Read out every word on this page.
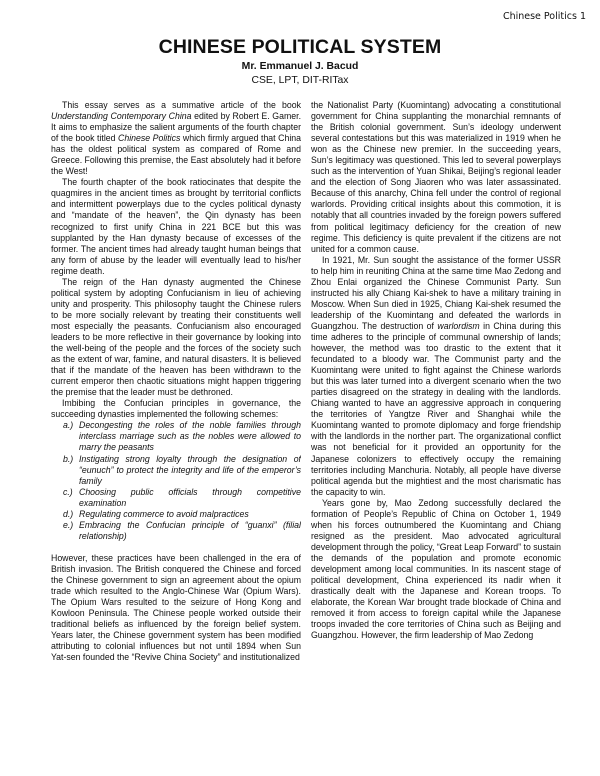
Chinese Politics 1
CHINESE POLITICAL SYSTEM
Mr. Emmanuel J. Bacud
CSE, LPT, DIT-RITax

This essay serves as a summative article of the book Understanding Contemporary China edited by Robert E. Gamer. It aims to emphasize the salient arguments of the fourth chapter of the book titled Chinese Politics which firmly argued that China has the oldest political system as compared of Rome and Greece. Following this premise, the East absolutely had it before the West!

The fourth chapter of the book ratiocinates that despite the quagmires in the ancient times as brought by territorial conflicts and intermittent powerplays due to the cycles political dynasty and “mandate of the heaven”, the Qin dynasty has been recognized to first unify China in 221 BCE but this was supplanted by the Han dynasty because of excesses of the former. The ancient times had already taught human beings that any form of abuse by the leader will eventually lead to his/her regime death.

The reign of the Han dynasty augmented the Chinese political system by adopting Confucianism in lieu of achieving unity and prosperity. This philosophy taught the Chinese rulers to be more socially relevant by treating their constituents well most especially the peasants. Confucianism also encouraged leaders to be more reflective in their governance by looking into the well-being of the people and the forces of the society such as the extent of war, famine, and natural disasters. It is believed that if the mandate of the heaven has been withdrawn to the current emperor then chaotic situations might happen triggering the premise that the leader must be dethroned.

Imbibing the Confucian principles in governance, the succeeding dynasties implemented the following schemes:

a.) Decongesting the roles of the noble families through interclass marriage such as the nobles were allowed to marry the peasants
b.) Instigating strong loyalty through the designation of “eunuch” to protect the integrity and life of the emperor’s family
c.) Choosing public officials through competitive examination
d.) Regulating commerce to avoid malpractices
e.) Embracing the Confucian principle of “guanxi” (filial relationship)

However, these practices have been challenged in the era of British invasion. The British conquered the Chinese and forced the Chinese government to sign an agreement about the opium trade which resulted to the Anglo-Chinese War (Opium Wars). The Opium Wars resulted to the seizure of Hong Kong and Kowloon Peninsula. The Chinese people worked outside their traditional beliefs as influenced by the foreign belief system. Years later, the Chinese government system has been modified attributing to colonial influences but not until 1894 when Sun Yat-sen founded the “Revive China Society” and institutionalized

the Nationalist Party (Kuomintang) advocating a constitutional government for China supplanting the monarchial remnants of the British colonial government. Sun’s ideology underwent several contestations but this was materialized in 1919 when he won as the Chinese new premier. In the succeeding years, Sun’s legitimacy was questioned. This led to several powerplays such as the intervention of Yuan Shikai, Beijing’s regional leader and the election of Song Jiaoren who was later assassinated. Because of this anarchy, China fell under the control of regional warlords. Providing critical insights about this commotion, it is notably that all countries invaded by the foreign powers suffered from political legitimacy deficiency for the creation of new regime. This deficiency is quite prevalent if the citizens are not united for a common cause.

In 1921, Mr. Sun sought the assistance of the former USSR to help him in reuniting China at the same time Mao Zedong and Zhou Enlai organized the Chinese Communist Party. Sun instructed his ally Chiang Kai-shek to have a military training in Moscow. When Sun died in 1925, Chiang Kai-shek resumed the leadership of the Kuomintang and defeated the warlords in Guangzhou. The destruction of warlordism in China during this time adheres to the principle of communal ownership of lands; however, the method was too drastic to the extent that it fecundated to a bloody war. The Communist party and the Kuomintang were united to fight against the Chinese warlords but this was later turned into a divergent scenario when the two parties disagreed on the strategy in dealing with the landlords. Chiang wanted to have an aggressive approach in conquering the territories of Yangtze River and Shanghai while the Kuomintang wanted to promote diplomacy and forge friendship with the landlords in the norther part. The organizational conflict was not beneficial for it provided an opportunity for the Japanese colonizers to effectively occupy the remaining territories including Manchuria. Notably, all people have diverse political agenda but the mightiest and the most charismatic has the capacity to win.

Years gone by, Mao Zedong successfully declared the formation of People’s Republic of China on October 1, 1949 when his forces outnumbered the Kuomintang and Chiang resigned as the president. Mao advocated agricultural development through the policy, “Great Leap Forward” to sustain the demands of the population and promote economic development among local communities. In its nascent stage of political development, China experienced its nadir when it drastically dealt with the Japanese and Korean troops. To elaborate, the Korean War brought trade blockade of China and removed it from access to foreign capital while the Japanese troops invaded the core territories of China such as Beijing and Guangzhou. However, the firm leadership of Mao Zedong
